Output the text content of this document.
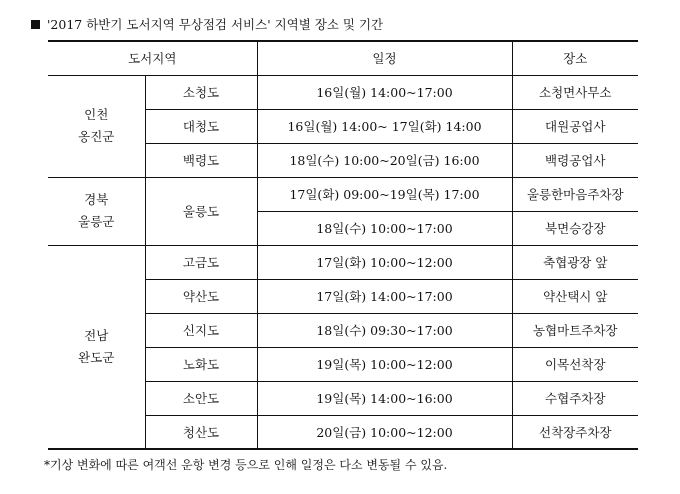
'2017 하반기 도서지역 무상점검 서비스' 지역별 장소 및 기간
도서지역		일정	장소

인천
옹진군	소청도	16일(월) 14:00~17:00	소청면사무소
	대청도	16일(월) 14:00~ 17일(화) 14:00	대원공업사
	백령도	18일(수) 10:00~20일(금) 16:00	백령공업사

경북
울릉군	울릉도	17일(화) 09:00~19일(목) 17:00	울릉한마음주차장
		18일(수) 10:00~17:00	북면승강장

전남
완도군	고금도	17일(화) 10:00~12:00	축협광장 앞
	약산도	17일(화) 14:00~17:00	약산택시 앞
	신지도	18일(수) 09:30~17:00	농협마트주차장
	노화도	19일(목) 10:00~12:00	이목선착장
	소안도	19일(목) 14:00~16:00	수협주차장
	청산도	20일(금) 10:00~12:00	선착장주차장
*기상 변화에 따른 여객선 운항 변경 등으로 인해 일정은 다소 변동될 수 있음.
